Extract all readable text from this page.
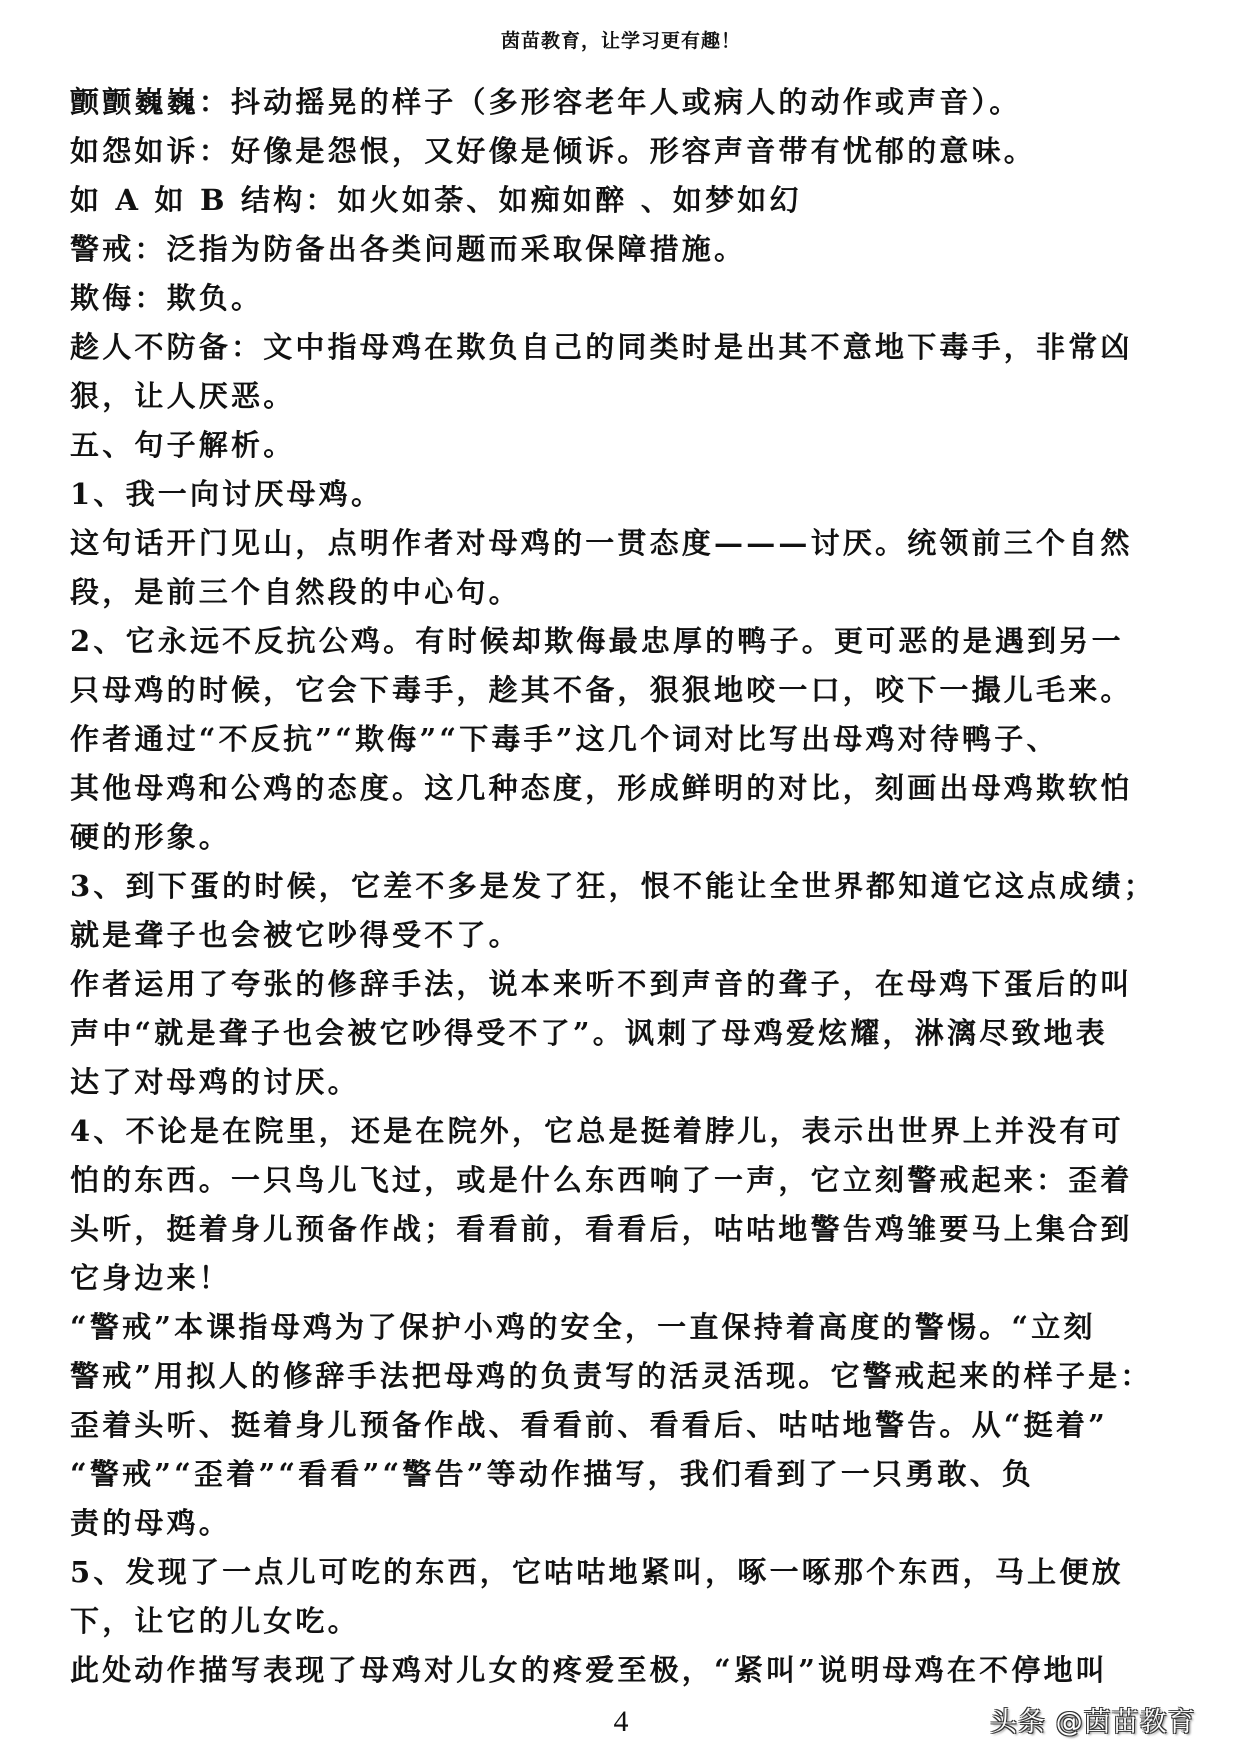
茵苗教育，让学习更有趣！
颤颤巍巍：抖动摇晃的样子（多形容老年人或病人的动作或声音）。
如怨如诉：好像是怨恨，又好像是倾诉。形容声音带有忧郁的意味。
如 A 如 B 结构：如火如荼、如痴如醉 、如梦如幻
警戒：泛指为防备出各类问题而采取保障措施。
欺侮：欺负。
趁人不防备：文中指母鸡在欺负自己的同类时是出其不意地下毒手，非常凶
狠，让人厌恶。
五、句子解析。
1、我一向讨厌母鸡。
这句话开门见山，点明作者对母鸡的一贯态度———讨厌。统领前三个自然
段，是前三个自然段的中心句。
2、它永远不反抗公鸡。有时候却欺侮最忠厚的鸭子。更可恶的是遇到另一
只母鸡的时候，它会下毒手，趁其不备，狠狠地咬一口，咬下一撮儿毛来。
作者通过“不反抗”“欺侮”“下毒手”这几个词对比写出母鸡对待鸭子、
其他母鸡和公鸡的态度。这几种态度，形成鲜明的对比，刻画出母鸡欺软怕
硬的形象。
3、到下蛋的时候，它差不多是发了狂，恨不能让全世界都知道它这点成绩；
就是聋子也会被它吵得受不了。
作者运用了夸张的修辞手法，说本来听不到声音的聋子，在母鸡下蛋后的叫
声中“就是聋子也会被它吵得受不了”。讽刺了母鸡爱炫耀，淋漓尽致地表
达了对母鸡的讨厌。
4、不论是在院里，还是在院外，它总是挺着脖儿，表示出世界上并没有可
怕的东西。一只鸟儿飞过，或是什么东西响了一声，它立刻警戒起来：歪着
头听，挺着身儿预备作战；看看前，看看后，咕咕地警告鸡雏要马上集合到
它身边来！
“警戒”本课指母鸡为了保护小鸡的安全，一直保持着高度的警惕。“立刻
警戒”用拟人的修辞手法把母鸡的负责写的活灵活现。它警戒起来的样子是：
歪着头听、挺着身儿预备作战、看看前、看看后、咕咕地警告。从“挺着”
“警戒”“歪着”“看看”“警告”等动作描写，我们看到了一只勇敢、负
责的母鸡。
5、发现了一点儿可吃的东西，它咕咕地紧叫，啄一啄那个东西，马上便放
下，让它的儿女吃。
此处动作描写表现了母鸡对儿女的疼爱至极，“紧叫”说明母鸡在不停地叫
4	头条 @茵苗教育
